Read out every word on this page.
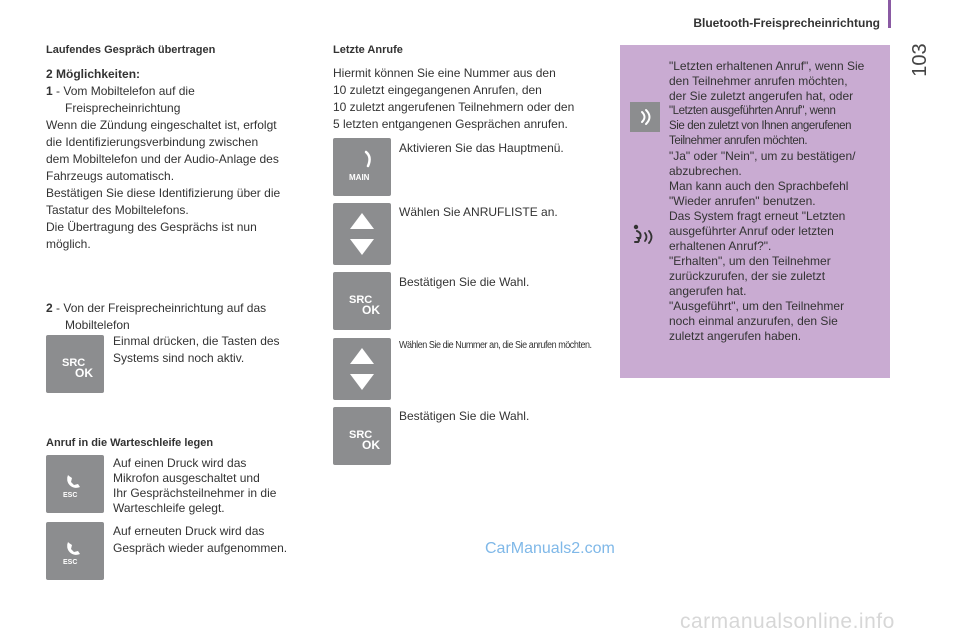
Bluetooth-Freisprecheinrichtung
103
Laufendes Gespräch übertragen
2 Möglichkeiten:
1 - Vom Mobiltelefon auf die
Freisprecheinrichtung
Wenn die Zündung eingeschaltet ist, erfolgt
die Identifizierungsverbindung zwischen
dem Mobiltelefon und der Audio-Anlage des
Fahrzeugs automatisch.
Bestätigen Sie diese Identifizierung über die
Tastatur des Mobiltelefons.
Die Übertragung des Gesprächs ist nun
möglich.
2 - Von der Freisprecheinrichtung auf das
Mobiltelefon
SRC
OK
Einmal drücken, die Tasten des
Systems sind noch aktiv.
Anruf in die Warteschleife legen
ESC
Auf einen Druck wird das
Mikrofon ausgeschaltet und
Ihr Gesprächsteilnehmer in die
Warteschleife gelegt.
ESC
Auf erneuten Druck wird das
Gespräch wieder aufgenommen.
Letzte Anrufe
Hiermit können Sie eine Nummer aus den
10 zuletzt eingegangenen Anrufen, den
10 zuletzt angerufenen Teilnehmern oder den
5 letzten entgangenen Gesprächen anrufen.
MAIN
Aktivieren Sie das Hauptmenü.
Wählen Sie ANRUFLISTE an.
SRC
OK
Bestätigen Sie die Wahl.
Wählen Sie die Nummer an, die Sie anrufen möchten.
SRC
OK
Bestätigen Sie die Wahl.
"Letzten erhaltenen Anruf", wenn Sie
den Teilnehmer anrufen möchten,
der Sie zuletzt angerufen hat, oder
"Letzten ausgeführten Anruf", wenn
Sie den zuletzt von Ihnen angerufenen
Teilnehmer anrufen möchten.
"Ja" oder "Nein", um zu bestätigen/
abzubrechen.
Man kann auch den Sprachbefehl
"Wieder anrufen" benutzen.
Das System fragt erneut "Letzten
ausgeführter Anruf oder letzten
erhaltenen Anruf?".
"Erhalten", um den Teilnehmer
zurückzurufen, der sie zuletzt
angerufen hat.
"Ausgeführt", um den Teilnehmer
noch einmal anzurufen, den Sie
zuletzt angerufen haben.
CarManuals2.com
carmanualsonline.info
